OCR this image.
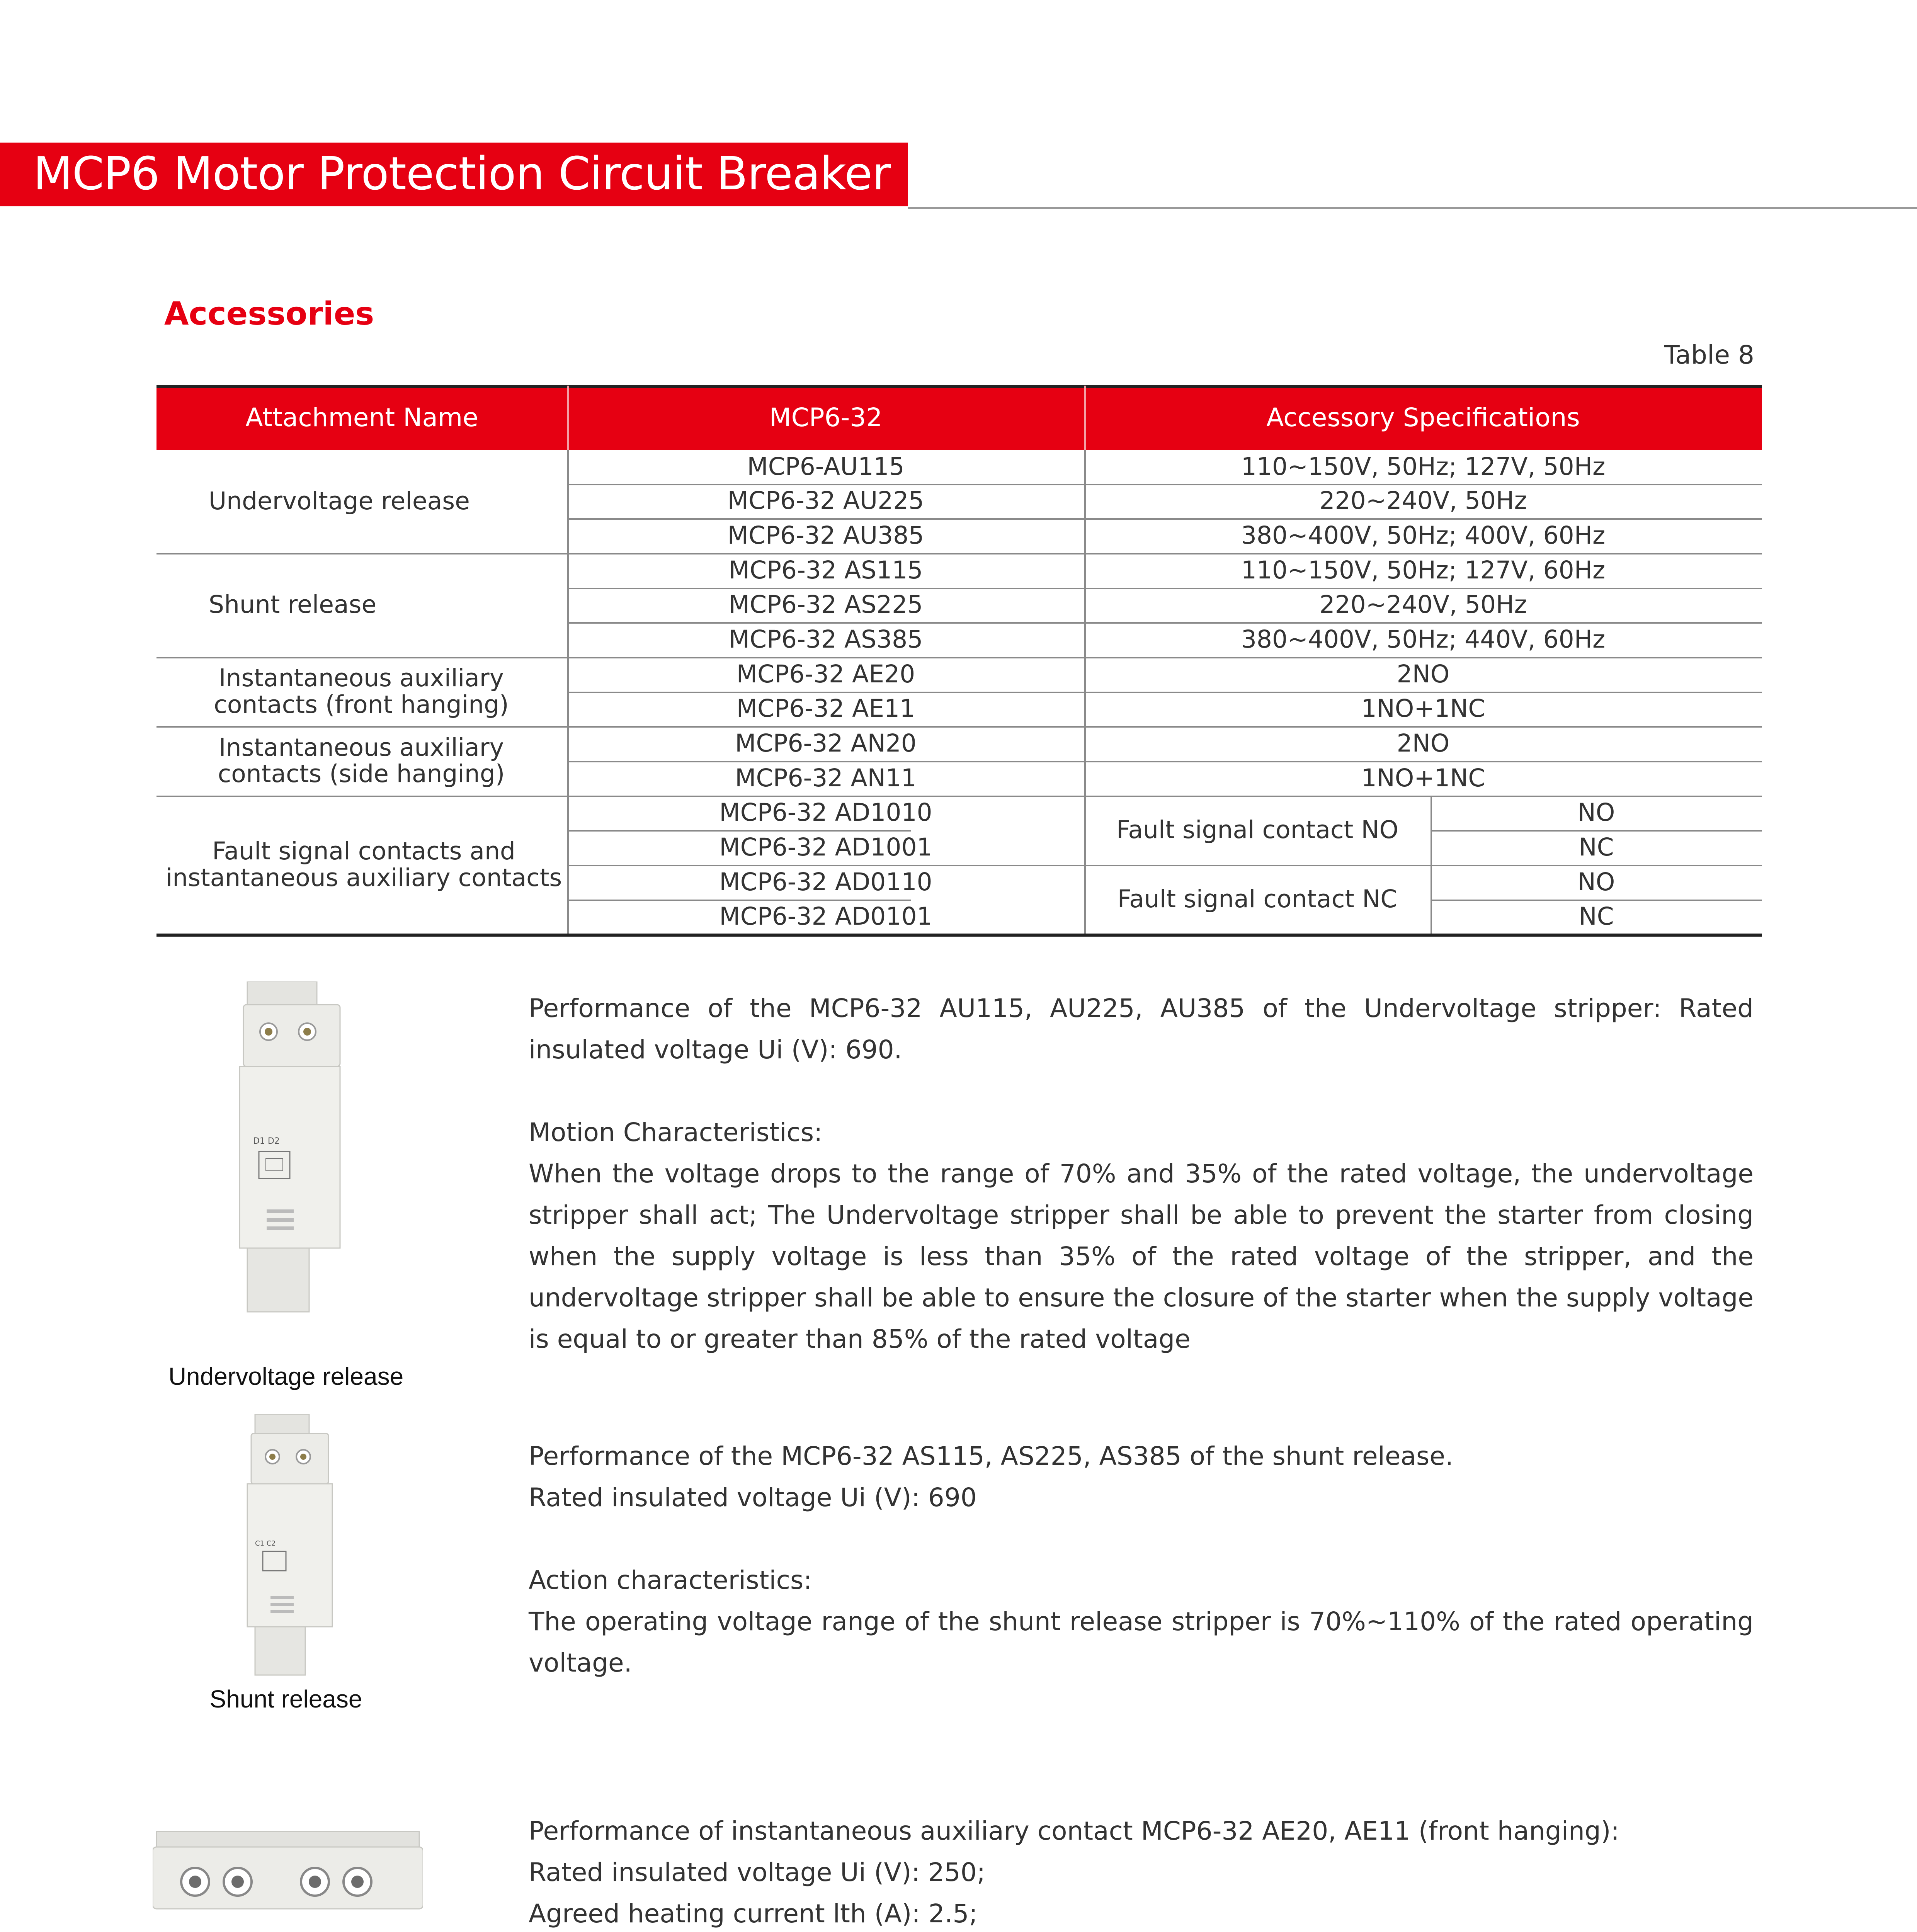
MCP6 Motor Protection Circuit Breaker
Accessories
Table 8
Attachment Name	MCP6-32	Accessory Specifications
Undervoltage release
Shunt release
Instantaneous auxiliary contacts (front hanging)
Instantaneous auxiliary contacts (side hanging)
Fault signal contacts and instantaneous auxiliary contacts
MCP6-AU115
MCP6-32 AU225
MCP6-32 AU385
MCP6-32 AS115
MCP6-32 AS225
MCP6-32 AS385
MCP6-32 AE20
MCP6-32 AE11
MCP6-32 AN20
MCP6-32 AN11
MCP6-32 AD1010
MCP6-32 AD1001
MCP6-32 AD0110
MCP6-32 AD0101
110~150V, 50Hz; 127V, 50Hz
220~240V, 50Hz
380~400V, 50Hz; 400V, 60Hz
110~150V, 50Hz; 127V, 60Hz
220~240V, 50Hz
380~400V, 50Hz; 440V, 60Hz
2NO
1NO+1NC
2NO
1NO+1NC
Fault signal contact NO
Fault signal contact NC
NO
NC
NO
NC
D1 D2
Undervoltage release
C1 C2
Shunt release

Performance of the MCP6-32 AU115, AU225, AU385 of the Undervoltage stripper: Rated insulated voltage Ui (V): 690.

Motion Characteristics:

When the voltage drops to the range of 70% and 35% of the rated voltage, the undervoltage stripper shall act; The Undervoltage stripper shall be able to prevent the starter from closing when the supply voltage is less than 35% of the rated voltage of the stripper, and the undervoltage stripper shall be able to ensure the closure of the starter when the supply voltage is equal to or greater than 85% of the rated voltage

Performance of the MCP6-32 AS115, AS225, AS385 of the shunt release.

Rated insulated voltage Ui (V): 690

Action characteristics:

The operating voltage range of the shunt release stripper is 70%~110% of the rated operating voltage.

Performance of instantaneous auxiliary contact MCP6-32 AE20, AE11 (front hanging):

Rated insulated voltage Ui (V): 250;

Agreed heating current lth (A): 2.5;
